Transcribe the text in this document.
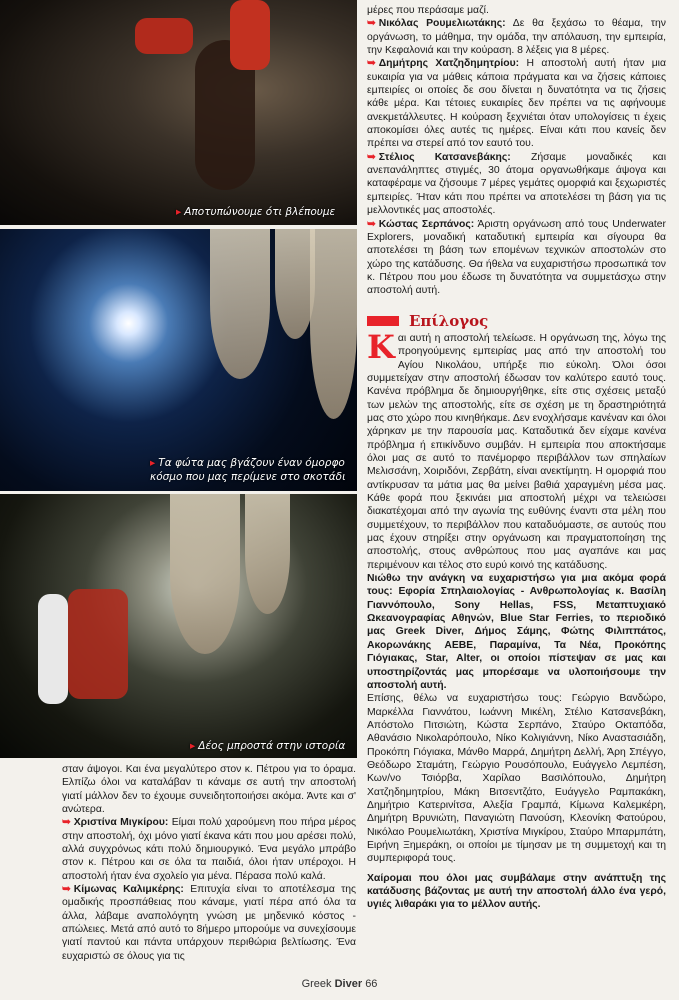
▸ Αποτυπώνουμε ότι βλέπουμε
▸ Τα φώτα μας βγάζουν έναν όμορφο κόσμο που μας περίμενε στο σκοτάδι
▸ Δέος μπροστά στην ιστορία

σταν άψογοι. Και ένα μεγαλύτερο στον κ. Πέτρου για το όραμα. Ελπίζω όλοι να καταλάβαν τι κάναμε σε αυτή την αποστολή γιατί μάλλον δεν το έχουμε συνειδητοποιήσει ακόμα. Άντε και σ' ανώτερα.

➥ Χριστίνα Μιγκίρου: Είμαι πολύ χαρούμενη που πήρα μέρος στην αποστολή, όχι μόνο γιατί έκανα κάτι που μου αρέσει πολύ, αλλά συγχρόνως κάτι πολύ δημιουργικό. Ένα μεγάλο μπράβο στον κ. Πέτρου και σε όλα τα παιδιά, όλοι ήταν υπέροχοι. Η αποστολή ήταν ένα σχολείο για μένα. Πέρασα πολύ καλά.

➥ Κίμωνας Καλιμκέρης: Επιτυχία είναι το αποτέλεσμα της ομαδικής προσπάθειας που κάναμε, γιατί πέρα από όλα τα άλλα, λάβαμε αναπολόγητη γνώση με μηδενικό κόστος - απώλειες. Μετά από αυτό το 8ήμερο μπορούμε να συνεχίσουμε γιατί παντού και πάντα υπάρχουν περιθώρια βελτίωσης. Ένα ευχαριστώ σε όλους για τις

μέρες που περάσαμε μαζί.

➥ Νικόλας Ρουμελιωτάκης: Δε θα ξεχάσω το θέαμα, την οργάνωση, το μάθημα, την ομάδα, την απόλαυση, την εμπειρία, την Κεφαλονιά και την κούραση. 8 λέξεις για 8 μέρες.

➥ Δημήτρης Χατζηδημητρίου: Η αποστολή αυτή ήταν μια ευκαιρία για να μάθεις κάποια πράγματα και να ζήσεις κάποιες εμπειρίες οι οποίες δε σου δίνεται η δυνατότητα να τις ζήσεις κάθε μέρα. Και τέτοιες ευκαιρίες δεν πρέπει να τις αφήνουμε ανεκμετάλλευτες. Η κούραση ξεχνιέται όταν υπολογίσεις τι έχεις αποκομίσει όλες αυτές τις ημέρες. Είναι κάτι που κανείς δεν πρέπει να στερεί από τον εαυτό του.

➥ Στέλιος Κατσανεβάκης: Ζήσαμε μοναδικές και ανεπανάληπτες στιγμές, 30 άτομα οργανωθήκαμε άψογα και καταφέραμε να ζήσουμε 7 μέρες γεμάτες ομορφιά και ξεχωριστές εμπειρίες. Ήταν κάτι που πρέπει να αποτελέσει τη βάση για τις μελλοντικές μας αποστολές.

➥ Κώστας Σερπάνος: Άριστη οργάνωση από τους Underwater Explorers, μοναδική καταδυτική εμπειρία και σίγουρα θα αποτελέσει τη βάση των επομένων τεχνικών αποστολών στο χώρο της κατάδυσης. Θα ήθελα να ευχαριστήσω προσωπικά τον κ. Πέτρου που μου έδωσε τη δυνατότητα να συμμετάσχω στην αποστολή αυτή.

Επίλογος

Και αυτή η αποστολή τελείωσε. Η οργάνωση της, λόγω της προηγούμενης εμπειρίας μας από την αποστολή του Αγίου Νικολάου, υπήρξε πιο εύκολη. Όλοι όσοι συμμετείχαν στην αποστολή έδωσαν τον καλύτερο εαυτό τους. Κανένα πρόβλημα δε δημιουργήθηκε, είτε στις σχέσεις μεταξύ των μελών της αποστολής, είτε σε σχέση με τη δραστηριότητά μας στο χώρο που κινηθήκαμε. Δεν ενοχλήσαμε κανέναν και όλοι χάρηκαν με την παρουσία μας. Καταδυτικά δεν είχαμε κανένα πρόβλημα ή επικίνδυνο συμβάν. Η εμπειρία που αποκτήσαμε όλοι μας σε αυτό το πανέμορφο περιβάλλον των σπηλαίων Μελισσάνη, Χοιριδόνι, Ζερβάτη, είναι ανεκτίμητη. Η ομορφιά που αντίκρυσαν τα μάτια μας θα μείνει βαθιά χαραγμένη μέσα μας. Κάθε φορά που ξεκινάει μια αποστολή μέχρι να τελειώσει διακατέχομαι από την αγωνία της ευθύνης έναντι στα μέλη που συμμετέχουν, το περιβάλλον που καταδυόμαστε, σε αυτούς που μας έχουν στηρίξει στην οργάνωση και πραγματοποίηση της αποστολής, στους ανθρώπους που μας αγαπάνε και μας περιμένουν και τέλος στο ευρύ κοινό της κατάδυσης.

Νιώθω την ανάγκη να ευχαριστήσω για μια ακόμα φορά τους: Εφορία Σπηλαιολογίας - Ανθρωπολογίας κ. Βασίλη Γιαννόπουλο, Sony Hellas, FSS, Μεταπτυχιακό Ωκεανογραφίας Αθηνών, Blue Star Ferries, το περιοδικό μας Greek Diver, Δήμος Σάμης, Φώτης Φιλιππάτος, Ακορωνάκης ΑΕΒΕ, Παραμίνα, Τα Νέα, Προκόπης Γιόγιακας, Star, Alter, οι οποίοι πίστεψαν σε μας και υποστηρίζοντάς μας μπορέσαμε να υλοποιήσουμε την αποστολή αυτή.

Επίσης, θέλω να ευχαριστήσω τους: Γεώργιο Βανδώρο, Μαρκέλλα Γιαννάτου, Ιωάννη Μικέλη, Στέλιο Κατσανεβάκη, Απόστολο Πιτσιώτη, Κώστα Σερπάνο, Σταύρο Οκταπόδα, Αθανάσιο Νικολαρόπουλο, Νίκο Κολιγιάννη, Νίκο Αναστασιάδη, Προκόπη Γιόγιακα, Μάνθο Μαρρά, Δημήτρη Δελλή, Άρη Σπέγγο, Θεόδωρο Σταμάτη, Γεώργιο Ρουσόπουλο, Ευάγγελο Λεμπέση, Κων/νο Τσιόρβα, Χαρίλαο Βασιλόπουλο, Δημήτρη Χατζηδημητρίου, Μάκη Βιτσεντζάτο, Ευάγγελο Ραμπακάκη, Δημήτριο Κατερινίτσα, Αλεξία Γραμπά, Κίμωνα Καλεμκέρη, Δημήτρη Βρυνιώτη, Παναγιώτη Πανούση, Κλεονίκη Φατούρου, Νικόλαο Ρουμελιωτάκη, Χριστίνα Μιγκίρου, Σταύρο Μπαρμπάτη, Ειρήνη Ξημεράκη, οι οποίοι με τίμησαν με τη συμμετοχή και τη συμπεριφορά τους.

Χαίρομαι που όλοι μας συμβάλαμε στην ανάπτυξη της κατάδυσης βάζοντας με αυτή την αποστολή άλλο ένα γερό, υγιές λιθαράκι για το μέλλον αυτής.

Greek Diver 66
